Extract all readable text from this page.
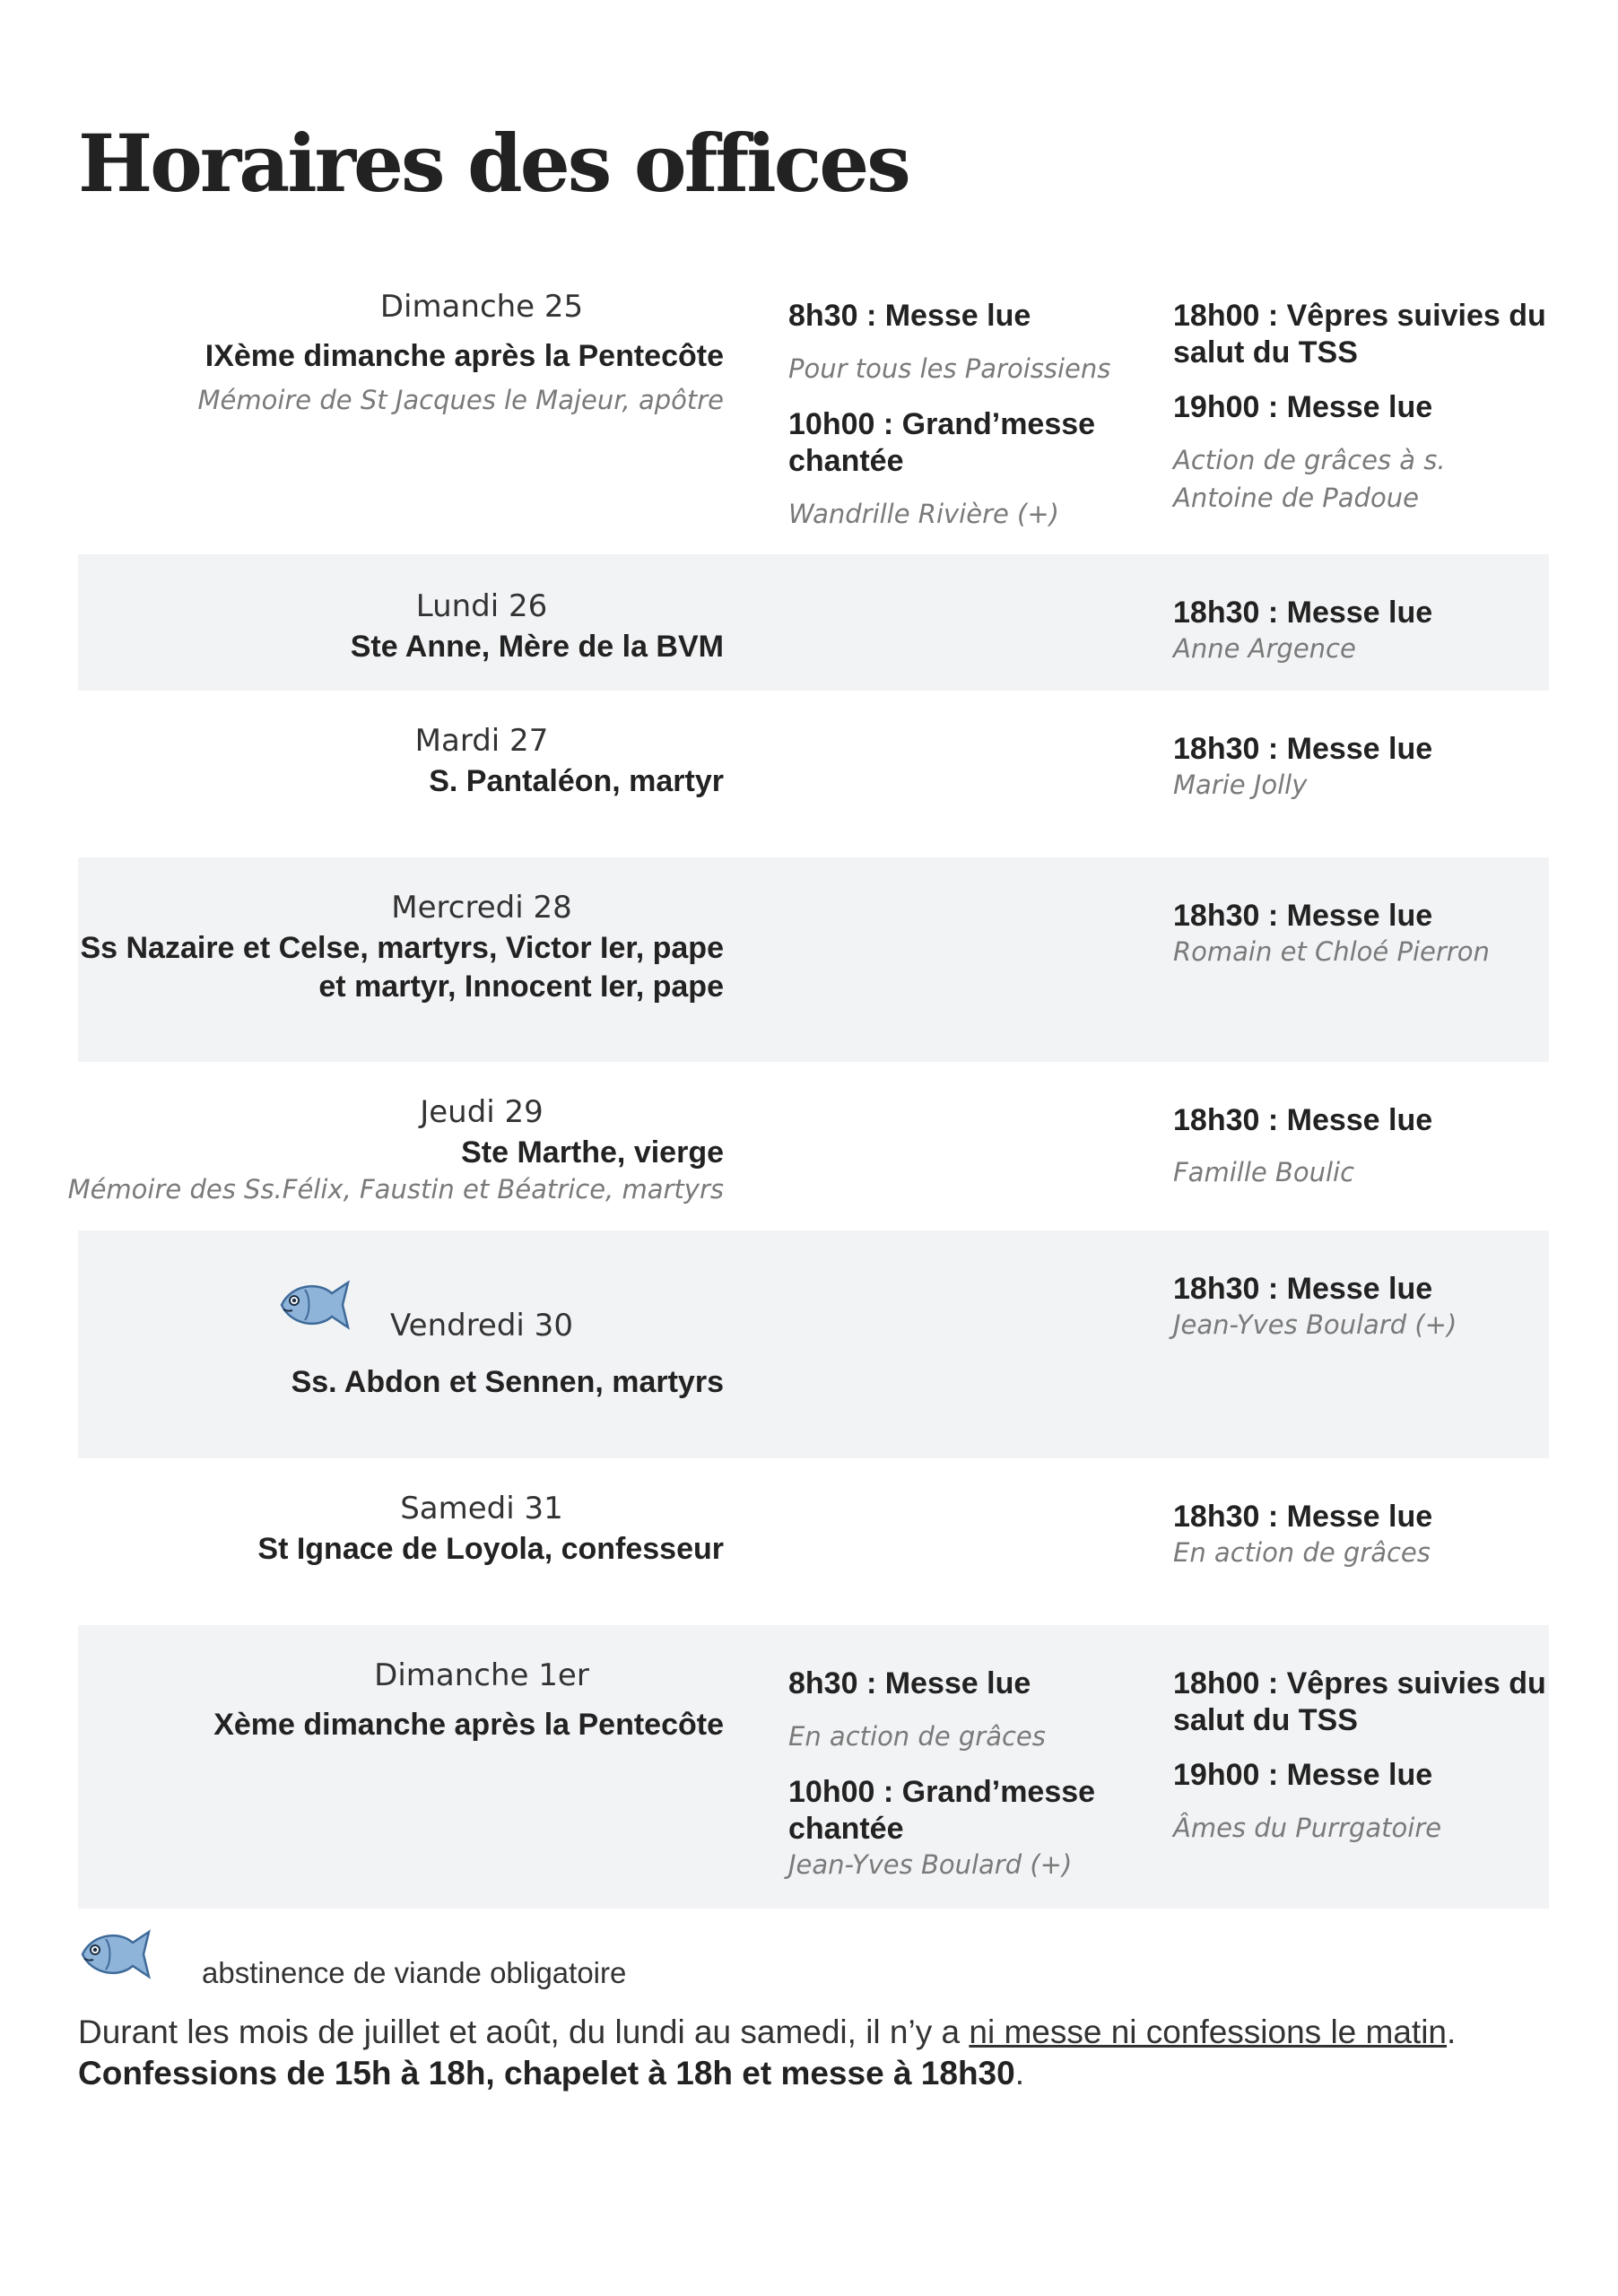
Horaires des offices
Dimanche 25
IXème dimanche après la Pentecôte
Mémoire de St Jacques le Majeur, apôtre
8h30 : Messe lue
Pour tous les Paroissiens
10h00 : Grand’messe chantée
Wandrille Rivière (+)
18h00 : Vêpres suivies du salut du TSS
19h00 : Messe lue
Action de grâces à s. Antoine de Padoue
Lundi 26
Ste Anne, Mère de la BVM
18h30 : Messe lue
Anne Argence
Mardi 27
S. Pantaléon, martyr
18h30 : Messe lue
Marie Jolly
Mercredi 28
Ss Nazaire et Celse, martyrs, Victor Ier, pape et martyr, Innocent Ier, pape
18h30 : Messe lue
Romain et Chloé Pierron
Jeudi 29
Ste Marthe, vierge
Mémoire des Ss.Félix, Faustin et Béatrice, martyrs
18h30 : Messe lue
Famille Boulic
Vendredi 30
Ss. Abdon et Sennen, martyrs
18h30 : Messe lue
Jean-Yves Boulard (+)
Samedi 31
St Ignace de Loyola, confesseur
18h30 : Messe lue
En action de grâces
Dimanche 1er
Xème dimanche après la Pentecôte
8h30 : Messe lue
En action de grâces
10h00 : Grand’messe chantée
Jean-Yves Boulard (+)
18h00 : Vêpres suivies du salut du TSS
19h00 : Messe lue
Âmes du Purrgatoire
abstinence de viande obligatoire
Durant les mois de juillet et août, du lundi au samedi, il n’y a ni messe ni confessions le matin.
Confessions de 15h à 18h, chapelet à 18h et messe à 18h30.
